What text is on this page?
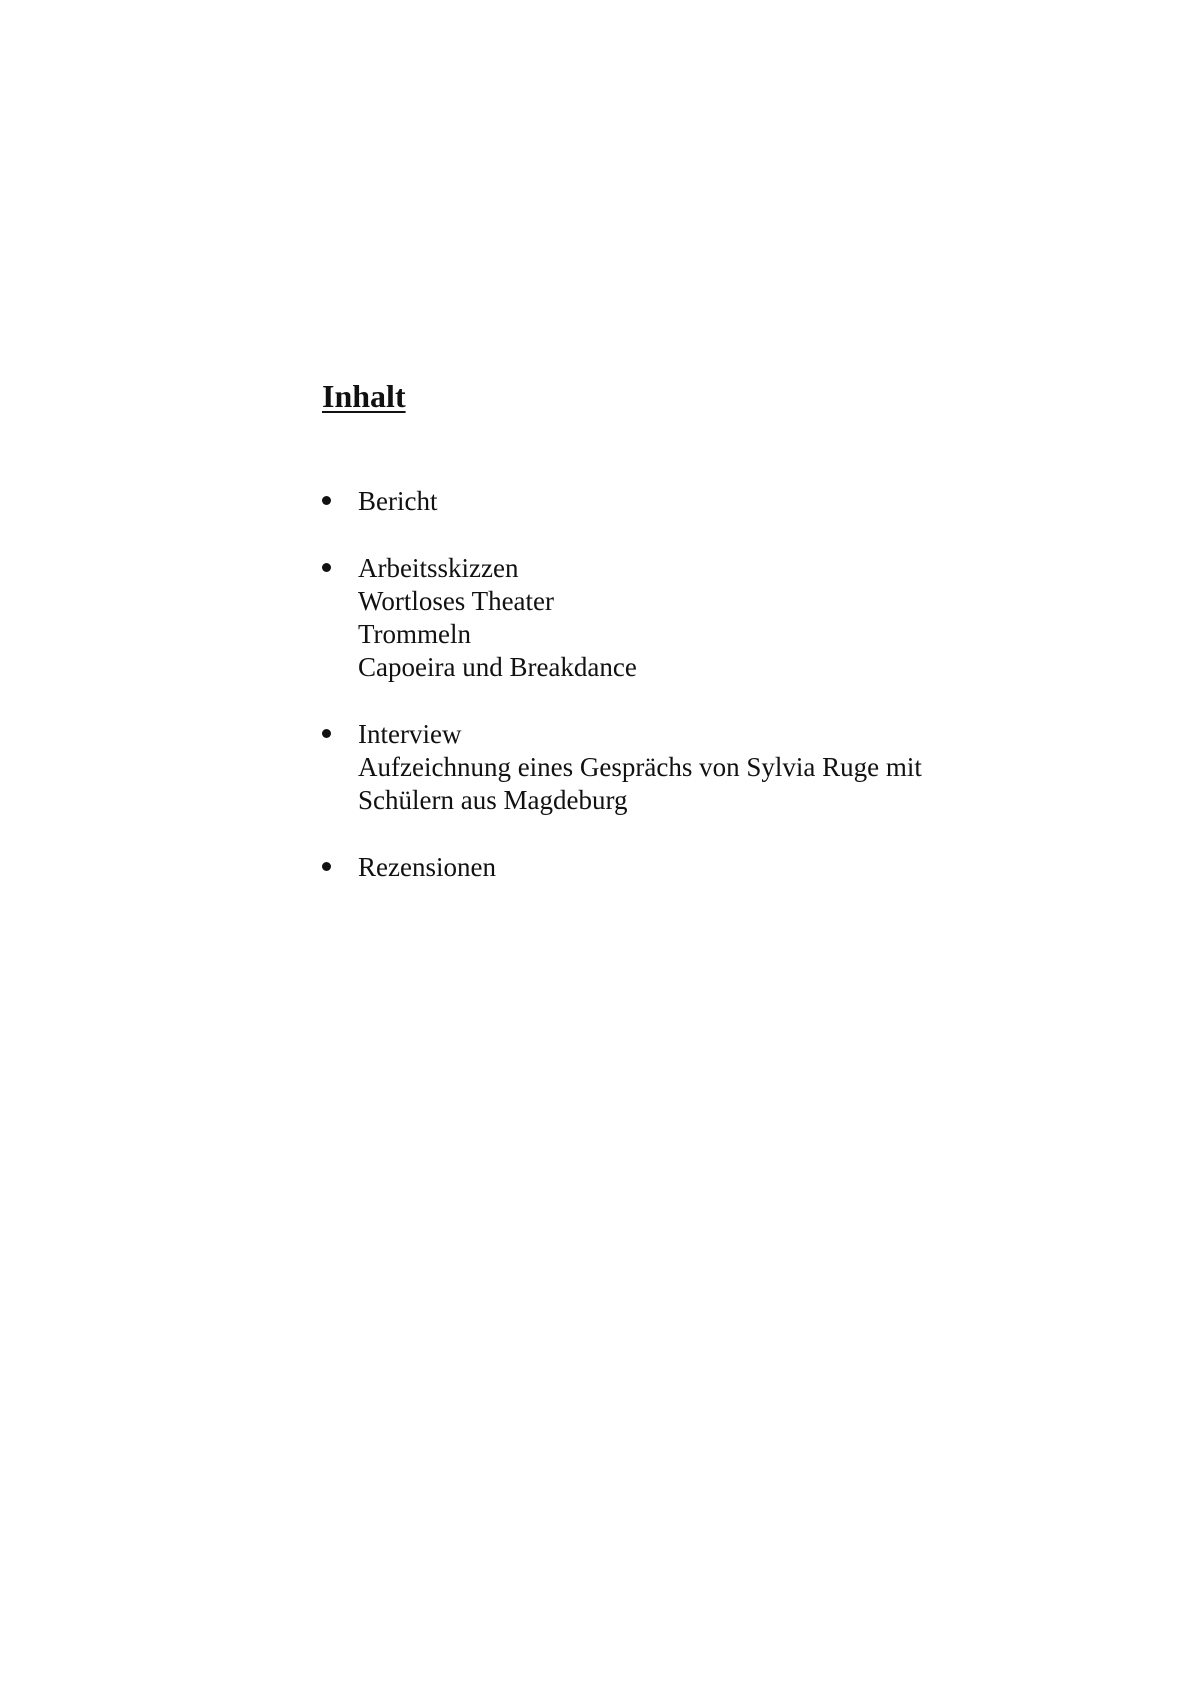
Inhalt
Bericht
Arbeitsskizzen
Wortloses Theater
Trommeln
Capoeira und Breakdance
Interview
Aufzeichnung eines Gesprächs von Sylvia Ruge mit
Schülern aus Magdeburg
Rezensionen
